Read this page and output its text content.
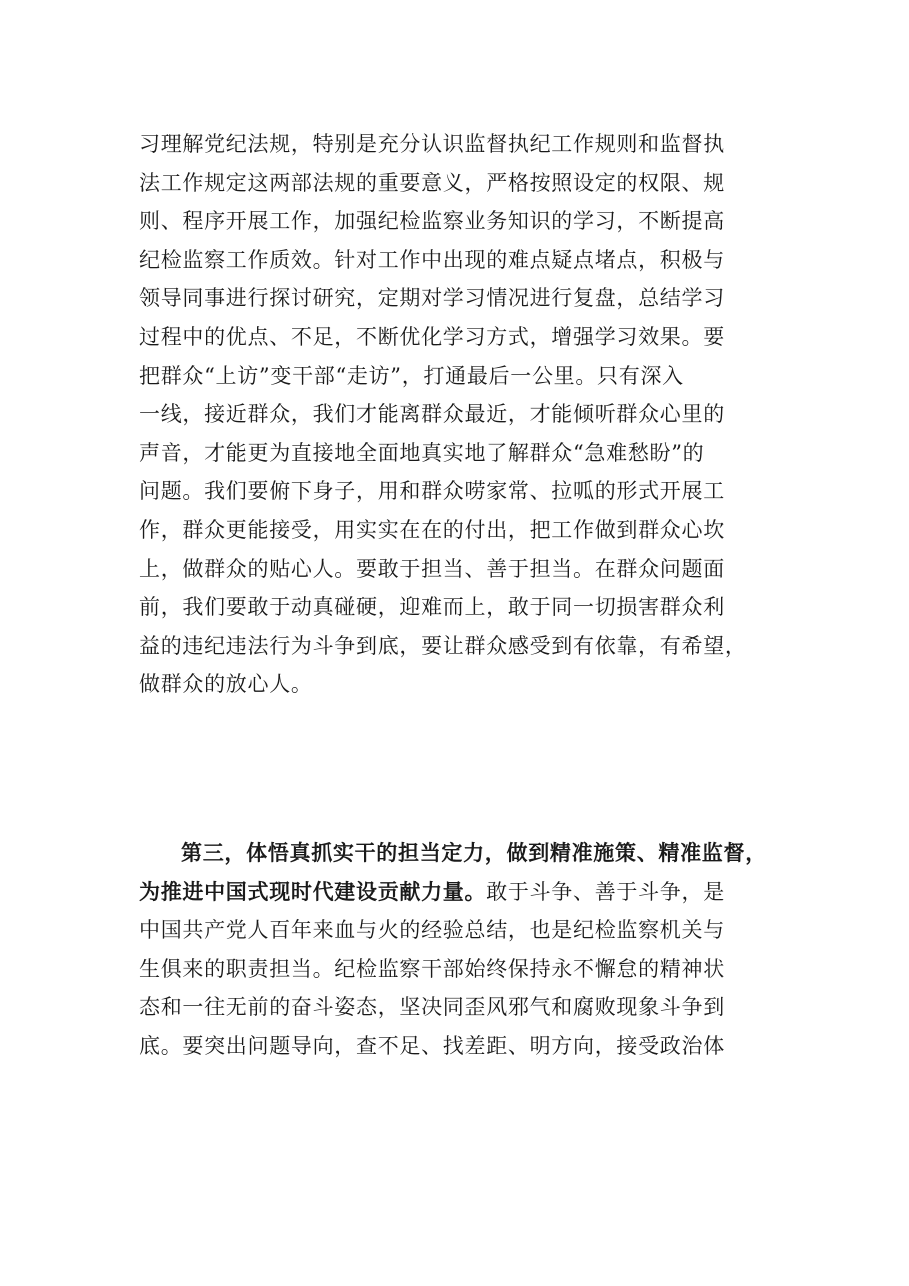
习理解党纪法规，特别是充分认识监督执纪工作规则和监督执
法工作规定这两部法规的重要意义，严格按照设定的权限、规
则、程序开展工作，加强纪检监察业务知识的学习，不断提高
纪检监察工作质效。针对工作中出现的难点疑点堵点，积极与
领导同事进行探讨研究，定期对学习情况进行复盘，总结学习
过程中的优点、不足，不断优化学习方式，增强学习效果。要
把群众“上访”变干部“走访”，打通最后一公里。只有深入
一线，接近群众，我们才能离群众最近，才能倾听群众心里的
声音，才能更为直接地全面地真实地了解群众“急难愁盼”的
问题。我们要俯下身子，用和群众唠家常、拉呱的形式开展工
作，群众更能接受，用实实在在的付出，把工作做到群众心坎
上，做群众的贴心人。要敢于担当、善于担当。在群众问题面
前，我们要敢于动真碰硬，迎难而上，敢于同一切损害群众利
益的违纪违法行为斗争到底，要让群众感受到有依靠，有希望，
做群众的放心人。
第三，体悟真抓实干的担当定力，做到精准施策、精准监督，
为推进中国式现时代建设贡献力量。敢于斗争、善于斗争，是
中国共产党人百年来血与火的经验总结，也是纪检监察机关与
生俱来的职责担当。纪检监察干部始终保持永不懈怠的精神状
态和一往无前的奋斗姿态，坚决同歪风邪气和腐败现象斗争到
底。要突出问题导向，查不足、找差距、明方向，接受政治体
